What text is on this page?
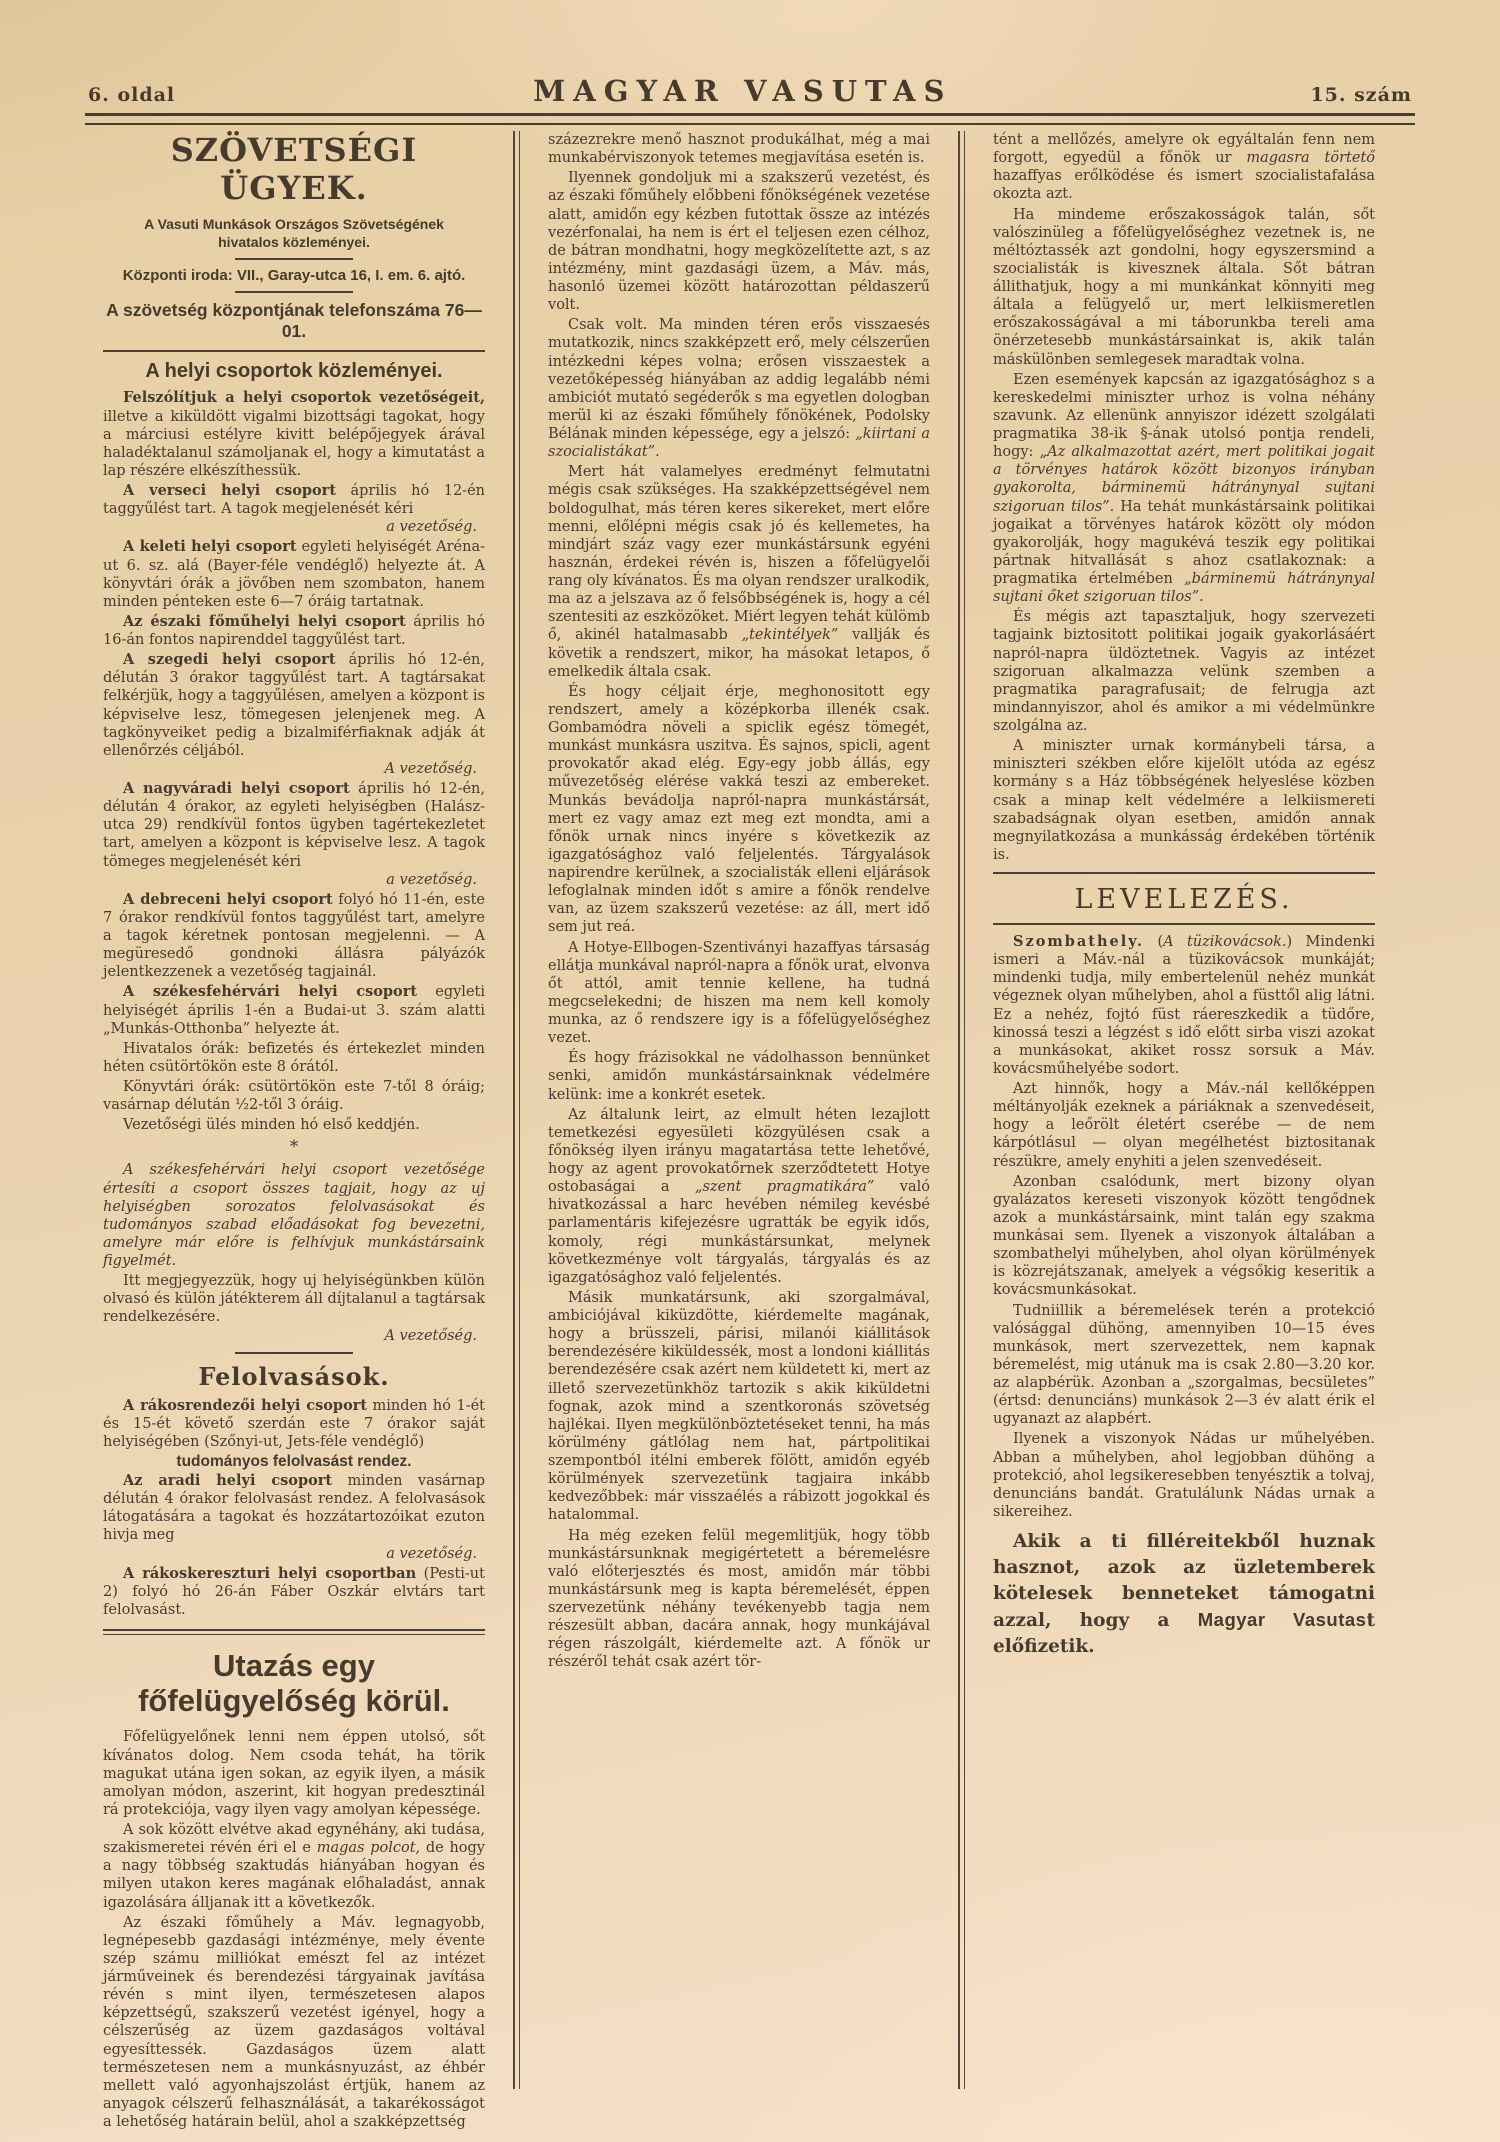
6. oldal	MAGYAR VASUTAS	15. szám
SZÖVETSÉGI ÜGYEK.
A Vasuti Munkások Országos Szövetségének hivatalos közleményei.
Központi iroda: VII., Garay-utca 16, I. em. 6. ajtó.
A szövetség központjának telefonszáma 76—01.
A helyi csoportok közleményei.
Felszólítjuk a helyi csoportok vezetőségeit, illetve a kiküldött vigalmi bizottsági tagokat, hogy a márciusi estélyre kivitt belépőjegyek árával haladéktalanul számoljanak el, hogy a kimutatást a lap részére elkészíthessük.
A verseci helyi csoport április hó 12-én taggyűlést tart. A tagok megjelenését kéri
a vezetőség.
A keleti helyi csoport egyleti helyiségét Aréna-ut 6. sz. alá (Bayer-féle vendéglő) helyezte át. A könyvtári órák a jövőben nem szombaton, hanem minden pénteken este 6—7 óráig tartatnak.
Az északi főműhelyi helyi csoport április hó 16-án fontos napirenddel taggyűlést tart.
A szegedi helyi csoport április hó 12-én, délután 3 órakor taggyűlést tart. A tagtársakat felkérjük, hogy a taggyűlésen, amelyen a központ is képviselve lesz, tömegesen jelenjenek meg. A tagkönyveiket pedig a bizalmiférfiaknak adják át ellenőrzés céljából.
A vezetőség.
A nagyváradi helyi csoport április hó 12-én, délután 4 órakor, az egyleti helyiségben (Halász-utca 29) rendkívül fontos ügyben tagértekezletet tart, amelyen a központ is képviselve lesz. A tagok tömeges megjelenését kéri
a vezetőség.
A debreceni helyi csoport folyó hó 11-én, este 7 órakor rendkívül fontos taggyűlést tart, amelyre a tagok kéretnek pontosan megjelenni. — A megüresedő gondnoki állásra pályázók jelentkezzenek a vezetőség tagjainál.
A székesfehérvári helyi csoport egyleti helyiségét április 1-én a Budai-ut 3. szám alatti „Munkás-Otthonba” helyezte át.
Hivatalos órák: befizetés és értekezlet minden héten csütörtökön este 8 órától.
Könyvtári órák: csütörtökön este 7-től 8 óráig; vasárnap délután ½2-től 3 óráig.
Vezetőségi ülés minden hó első keddjén.
*
A székesfehérvári helyi csoport vezetősége értesíti a csoport összes tagjait, hogy az uj helyiségben sorozatos felolvasásokat és tudományos szabad előadásokat fog bevezetni, amelyre már előre is felhívjuk munkástársaink figyelmét.
Itt megjegyezzük, hogy uj helyiségünkben külön olvasó és külön játékterem áll díjtalanul a tagtársak rendelkezésére.
A vezetőség.
Felolvasások.
A rákosrendezői helyi csoport minden hó 1-ét és 15-ét követő szerdán este 7 órakor saját helyiségében (Szőnyi-ut, Jets-féle vendéglő)
tudományos felolvasást rendez.
Az aradi helyi csoport minden vasárnap délután 4 órakor felolvasást rendez. A felolvasások látogatására a tagokat és hozzátartozóikat ezuton hivja meg
a vezetőség.
A rákoskereszturi helyi csoportban (Pesti-ut 2) folyó hó 26-án Fáber Oszkár elvtárs tart felolvasást.
Utazás egy főfelügyelőség körül.
Főfelügyelőnek lenni nem éppen utolsó, sőt kívánatos dolog. Nem csoda tehát, ha törik magukat utána igen sokan, az egyik ilyen, a másik amolyan módon, aszerint, kit hogyan predesztinál rá protekciója, vagy ilyen vagy amolyan képessége.
A sok között elvétve akad egynéhány, aki tudása, szakismeretei révén éri el e magas polcot, de hogy a nagy többség szaktudás hiányában hogyan és milyen utakon keres magának előhaladást, annak igazolására álljanak itt a következők.
Az északi főműhely a Máv. legnagyobb, legnépesebb gazdasági intézménye, mely évente szép számu milliókat emészt fel az intézet járműveinek és berendezési tárgyainak javítása révén s mint ilyen, természetesen alapos képzettségű, szakszerű vezetést igényel, hogy a célszerűség az üzem gazdaságos voltával egyesíttessék. Gazdaságos üzem alatt természetesen nem a munkásnyuzást, az éhbér mellett való agyonhajszolást értjük, hanem az anyagok célszerű felhasználását, a takarékosságot a lehetőség határain belül, ahol a szakképzettség
százezrekre menő hasznot produkálhat, még a mai munkabérviszonyok tetemes megjavítása esetén is.
Ilyennek gondoljuk mi a szakszerű vezetést, és az északi főműhely előbbeni főnökségének vezetése alatt, amidőn egy kézben futottak össze az intézés vezérfonalai, ha nem is ért el teljesen ezen célhoz, de bátran mondhatni, hogy megközelítette azt, s az intézmény, mint gazdasági üzem, a Máv. más, hasonló üzemei között határozottan példaszerű volt.
Csak volt. Ma minden téren erős visszaesés mutatkozik, nincs szakképzett erő, mely célszerűen intézkedni képes volna; erősen visszaestek a vezetőképesség hiányában az addig legalább némi ambiciót mutató segéderők s ma egyetlen dologban merül ki az északi főműhely főnökének, Podolsky Bélának minden képessége, egy a jelszó: „kiirtani a szocialistákat”.
Mert hát valamelyes eredményt felmutatni mégis csak szükséges. Ha szakképzettségével nem boldogulhat, más téren keres sikereket, mert előre menni, előlépni mégis csak jó és kellemetes, ha mindjárt száz vagy ezer munkástársunk egyéni hasznán, érdekei révén is, hiszen a főfelügyelői rang oly kívánatos. És ma olyan rendszer uralkodik, ma az a jelszava az ő felsőbbségének is, hogy a cél szentesiti az eszközöket. Miért legyen tehát külömb ő, akinél hatalmasabb „tekintélyek” vallják és követik a rendszert, mikor, ha másokat letapos, ő emelkedik általa csak.
És hogy céljait érje, meghonositott egy rendszert, amely a középkorba illenék csak. Gombamódra növeli a spiclik egész tömegét, munkást munkásra uszitva. És sajnos, spicli, agent provokatőr akad elég. Egy-egy jobb állás, egy művezetőség elérése vakká teszi az embereket. Munkás bevádolja napról-napra munkástársát, mert ez vagy amaz ezt meg ezt mondta, ami a főnök urnak nincs inyére s következik az igazgatósághoz való feljelentés. Tárgyalások napirendre kerülnek, a szocialisták elleni eljárások lefoglalnak minden időt s amire a főnök rendelve van, az üzem szakszerű vezetése: az áll, mert idő sem jut reá.
A Hotye-Ellbogen-Szentiványi hazaffyas társaság ellátja munkával napról-napra a főnök urat, elvonva őt attól, amit tennie kellene, ha tudná megcselekedni; de hiszen ma nem kell komoly munka, az ő rendszere igy is a főfelügyelőséghez vezet.
És hogy frázisokkal ne vádolhasson bennünket senki, amidőn munkástársainknak védelmére kelünk: ime a konkrét esetek.
Az általunk leirt, az elmult héten lezajlott temetkezési egyesületi közgyülésen csak a főnökség ilyen irányu magatartása tette lehetővé, hogy az agent provokatőrnek szerződtetett Hotye ostobaságai a „szent pragmatikára” való hivatkozással a harc hevében némileg kevésbé parlamentáris kifejezésre ugratták be egyik idős, komoly, régi munkástársunkat, melynek következménye volt tárgyalás, tárgyalás és az igazgatósághoz való feljelentés.
Másik munkatársunk, aki szorgalmával, ambiciójával kiküzdötte, kiérdemelte magának, hogy a brüsszeli, párisi, milanói kiállitások berendezésére kiküldessék, most a londoni kiállitás berendezésére csak azért nem küldetett ki, mert az illető szervezetünkhöz tartozik s akik kiküldetni fognak, azok mind a szentkoronás szövetség hajlékai. Ilyen megkülönböztetéseket tenni, ha más körülmény gátlólag nem hat, pártpolitikai szempontból itélni emberek fölött, amidőn egyéb körülmények szervezetünk tagjaira inkább kedvezőbbek: már visszaélés a rábizott jogokkal és hatalommal.
Ha még ezeken felül megemlitjük, hogy több munkástársunknak megigértetett a béremelésre való előterjesztés és most, amidőn már többi munkástársunk meg is kapta béremelését, éppen szervezetünk néhány tevékenyebb tagja nem részesült abban, dacára annak, hogy munkájával régen rászolgált, kiérdemelte azt. A főnök ur részéről tehát csak azért tör-
tént a mellőzés, amelyre ok egyáltalán fenn nem forgott, egyedül a főnök ur magasra törtető hazaffyas erőlködése és ismert szocialistafalása okozta azt.
Ha mindeme erőszakosságok talán, sőt valószinüleg a főfelügyelőséghez vezetnek is, ne méltóztassék azt gondolni, hogy egyszersmind a szocialisták is kivesznek általa. Sőt bátran állithatjuk, hogy a mi munkánkat könnyiti meg általa a felügyelő ur, mert lelkiismeretlen erőszakosságával a mi táborunkba tereli ama önérzetesebb munkástársainkat is, akik talán máskülönben semlegesek maradtak volna.
Ezen események kapcsán az igazgatósághoz s a kereskedelmi miniszter urhoz is volna néhány szavunk. Az ellenünk annyiszor idézett szolgálati pragmatika 38-ik §-ának utolsó pontja rendeli, hogy: „Az alkalmazottat azért, mert politikai jogait a törvényes határok között bizonyos irányban gyakorolta, bárminemü hátránynyal sujtani szigoruan tilos”. Ha tehát munkástársaink politikai jogaikat a törvényes határok között oly módon gyakorolják, hogy magukévá teszik egy politikai pártnak hitvallását s ahoz csatlakoznak: a pragmatika értelmében „bárminemü hátránynyal sujtani őket szigoruan tilos”.
És mégis azt tapasztaljuk, hogy szervezeti tagjaink biztositott politikai jogaik gyakorlásáért napról-napra üldöztetnek. Vagyis az intézet szigoruan alkalmazza velünk szemben a pragmatika paragrafusait; de felrugja azt mindannyiszor, ahol és amikor a mi védelmünkre szolgálna az.
A miniszter urnak kormánybeli társa, a miniszteri székben előre kijelölt utóda az egész kormány s a Ház többségének helyeslése közben csak a minap kelt védelmére a lelkiismereti szabadságnak olyan esetben, amidőn annak megnyilatkozása a munkásság érdekében történik is.
LEVELEZÉS.
Szombathely. (A tüzikovácsok.) Mindenki ismeri a Máv.-nál a tüzikovácsok munkáját; mindenki tudja, mily embertelenül nehéz munkát végeznek olyan műhelyben, ahol a füsttől alig látni. Ez a nehéz, fojtó füst ráereszkedik a tüdőre, kinossá teszi a légzést s idő előtt sirba viszi azokat a munkásokat, akiket rossz sorsuk a Máv. kovácsműhelyébe sodort.
Azt hinnők, hogy a Máv.-nál kellőképpen méltányolják ezeknek a páriáknak a szenvedéseit, hogy a leőrölt életért cserébe — de nem kárpótlásul — olyan megélhetést biztositanak részükre, amely enyhiti a jelen szenvedéseit.
Azonban csalódunk, mert bizony olyan gyalázatos kereseti viszonyok között tengődnek azok a munkástársaink, mint talán egy szakma munkásai sem. Ilyenek a viszonyok általában a szombathelyi műhelyben, ahol olyan körülmények is közrejátszanak, amelyek a végsőkig keseritik a kovácsmunkásokat.
Tudniillik a béremelések terén a protekció valósággal dühöng, amennyiben 10—15 éves munkások, mert szervezettek, nem kapnak béremelést, mig utánuk ma is csak 2.80—3.20 kor. az alapbérük. Azonban a „szorgalmas, becsületes” (értsd: denunciáns) munkások 2—3 év alatt érik el ugyanazt az alapbért.
Ilyenek a viszonyok Nádas ur műhelyében. Abban a műhelyben, ahol legjobban dühöng a protekció, ahol legsikeresebben tenyésztik a tolvaj, denunciáns bandát. Gratulálunk Nádas urnak a sikereihez.
Akik a ti filléreitekből huznak hasznot, azok az üzletemberek kötelesek benneteket támogatni azzal, hogy a Magyar Vasutast előfizetik.
